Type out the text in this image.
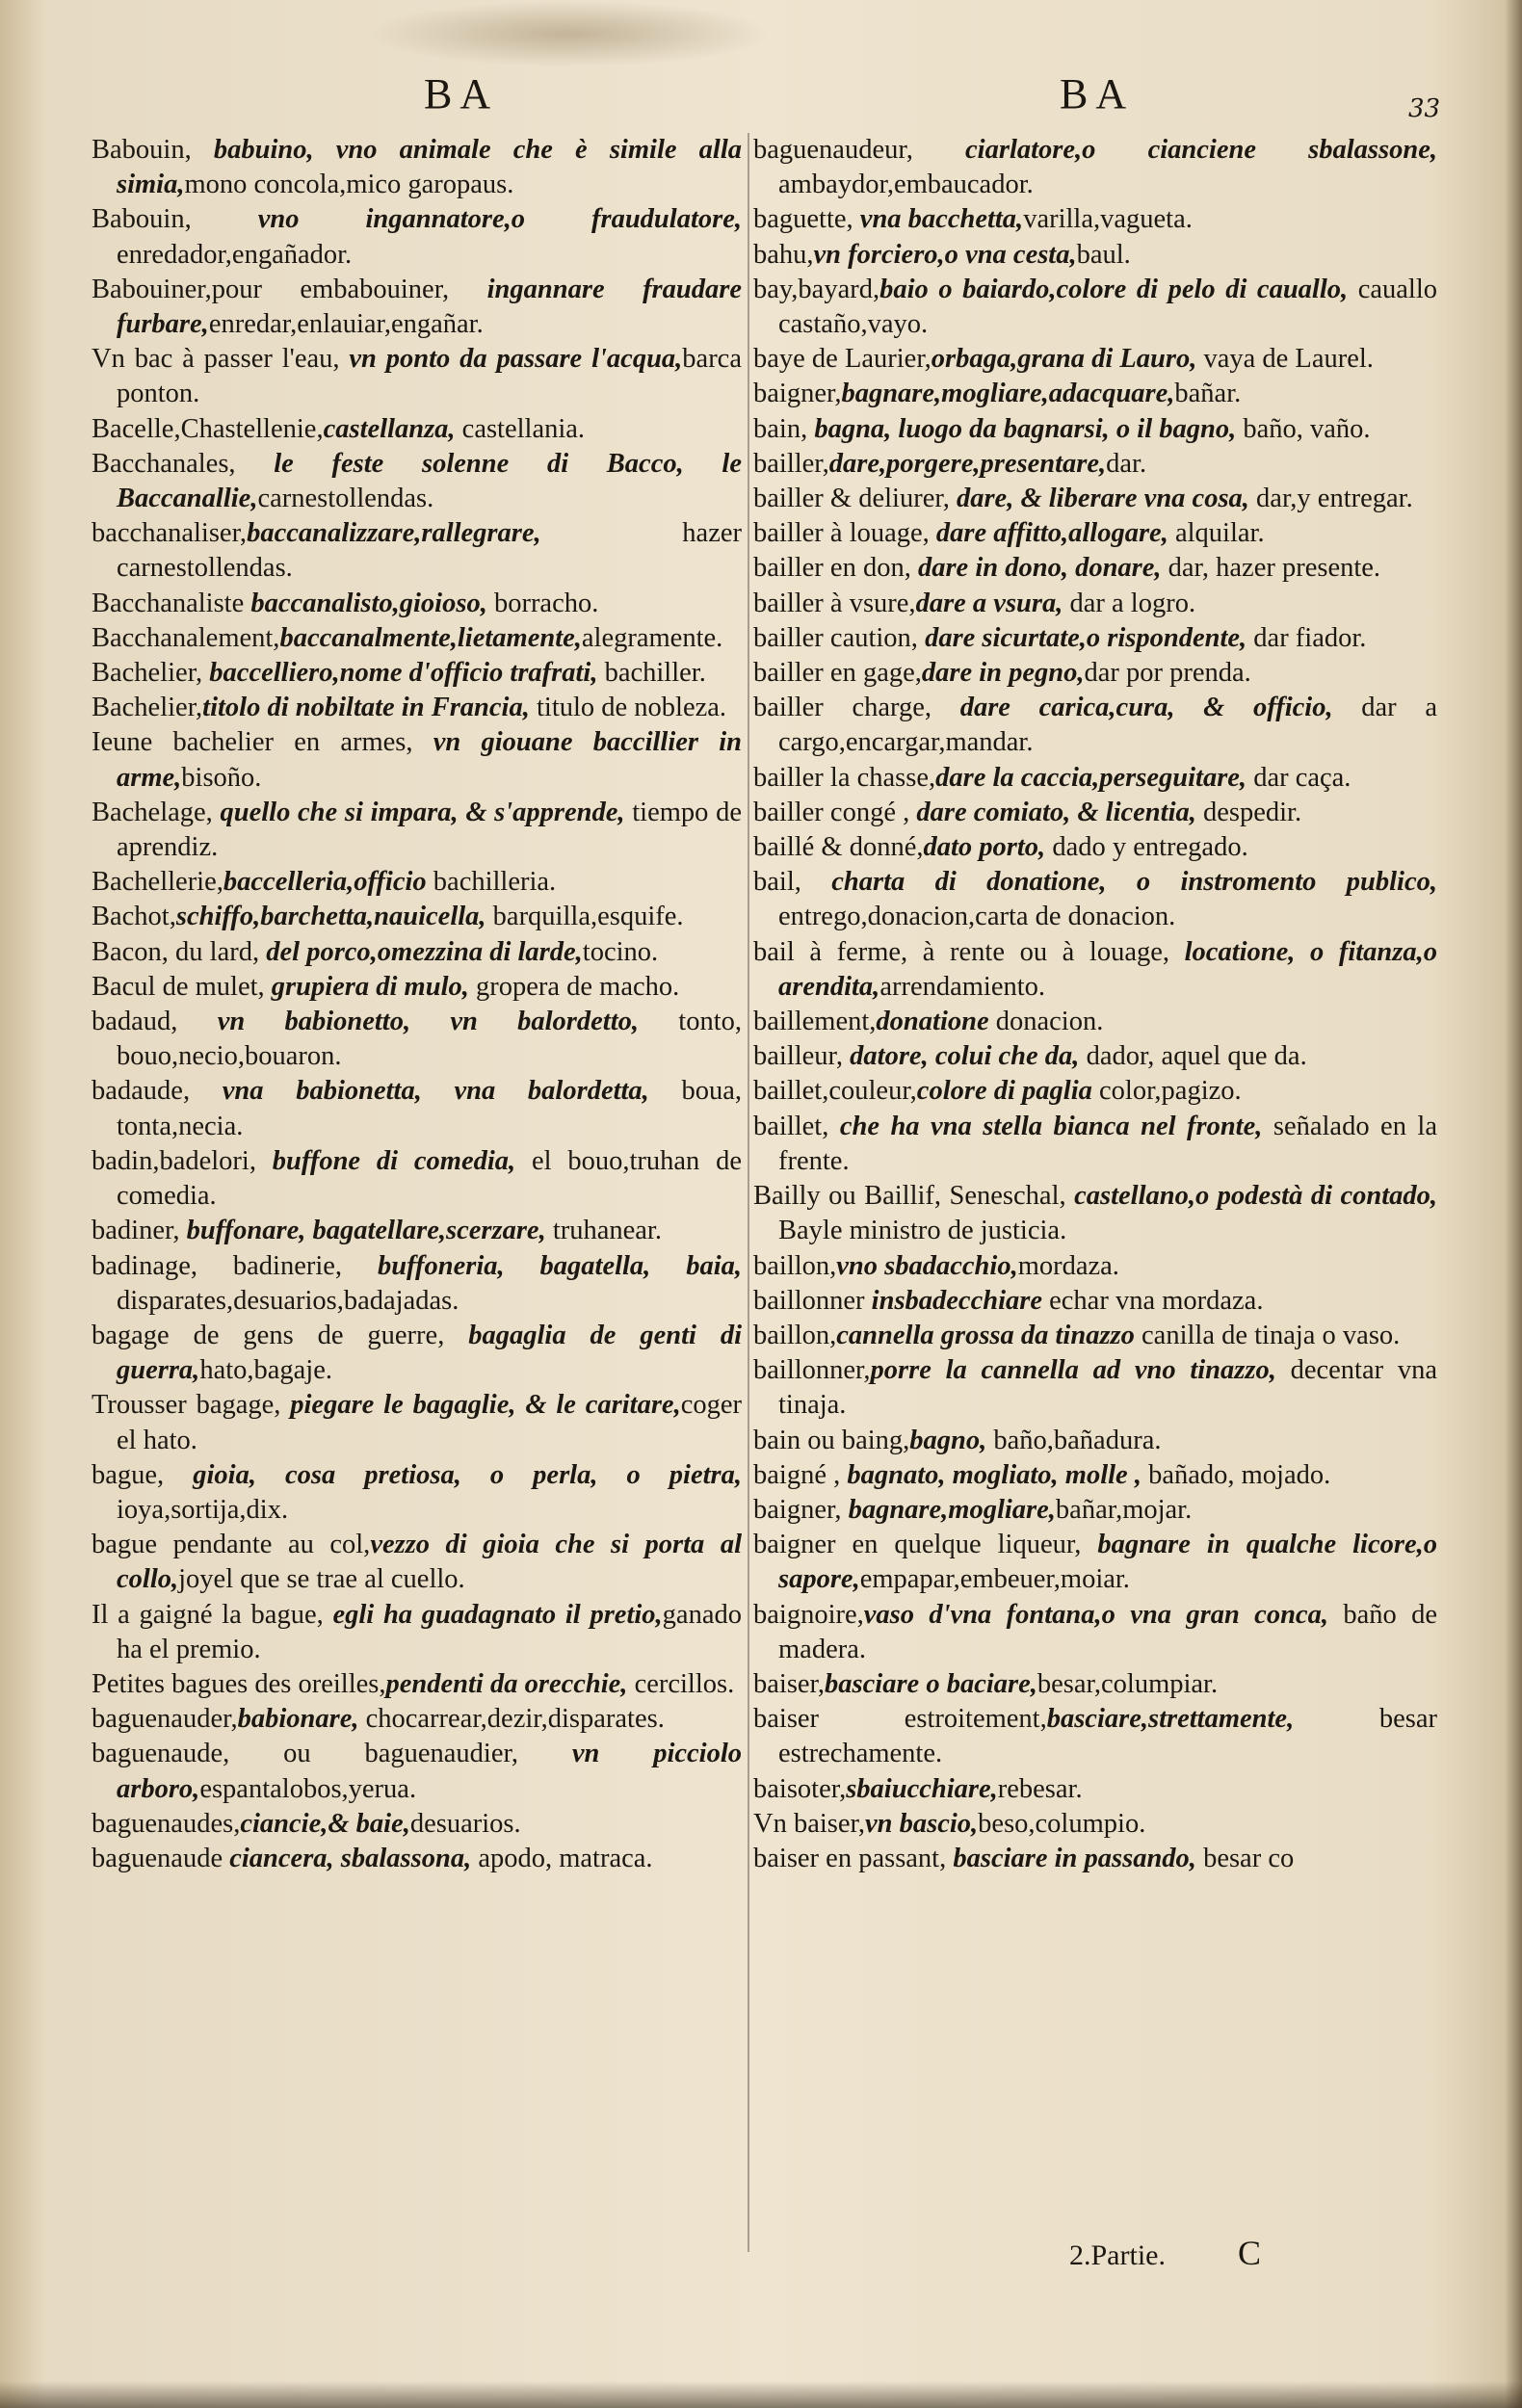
BA	BA	33
Babouin, babuino, vno animale che è simile alla simia,mono concola,mico garopaus.
Babouin, vno ingannatore,o fraudulatore, enredador,engañador.
Babouiner,pour embabouiner, ingannare fraudare furbare,enredar,enlauiar,engañar.
Vn bac à passer l'eau, vn ponto da passare l'acqua,barca ponton.
Bacelle,Chastellenie,castellanza, castellania.
Bacchanales, le feste solenne di Bacco, le Baccanallie,carnestollendas.
bacchanaliser,baccanalizzare,rallegrare, hazer carnestollendas.
Bacchanaliste baccanalisto,gioioso, borracho.
Bacchanalement,baccanalmente,lietamente,alegramente.
Bachelier, baccelliero,nome d'officio trafrati, bachiller.
Bachelier,titolo di nobiltate in Francia, titulo de nobleza.
Ieune bachelier en armes, vn giouane baccillier in arme,bisoño.
Bachelage, quello che si impara, & s'apprende, tiempo de aprendiz.
Bachellerie,baccelleria,officio bachilleria.
Bachot,schiffo,barchetta,nauicella, barquilla,esquife.
Bacon, du lard, del porco,omezzina di larde,tocino.
Bacul de mulet, grupiera di mulo, gropera de macho.
badaud, vn babionetto, vn balordetto, tonto, bouo,necio,bouaron.
badaude, vna babionetta, vna balordetta, boua, tonta,necia.
badin,badelori, buffone di comedia, el bouo,truhan de comedia.
badiner, buffonare, bagatellare,scerzare, truhanear.
badinage, badinerie, buffoneria, bagatella, baia, disparates,desuarios,badajadas.
bagage de gens de guerre, bagaglia de genti di guerra,hato,bagaje.
Trousser bagage, piegare le bagaglie, & le caritare,coger el hato.
bague, gioia, cosa pretiosa, o perla, o pietra, ioya,sortija,dix.
bague pendante au col,vezzo di gioia che si porta al collo,joyel que se trae al cuello.
Il a gaigné la bague, egli ha guadagnato il pretio,ganado ha el premio.
Petites bagues des oreilles,pendenti da orecchie, cercillos.
baguenauder,babionare, chocarrear,dezir,disparates.
baguenaude, ou baguenaudier, vn picciolo arboro,espantalobos,yerua.
baguenaudes,ciancie,& baie,desuarios.
baguenaude ciancera, sbalassona, apodo, matraca.
baguenaudeur, ciarlatore,o cianciene sbalassone, ambaydor,embaucador.
baguette, vna bacchetta,varilla,vagueta.
bahu,vn forciero,o vna cesta,baul.
bay,bayard,baio o baiardo,colore di pelo di cauallo, cauallo castaño,vayo.
baye de Laurier,orbaga,grana di Lauro, vaya de Laurel.
baigner,bagnare,mogliare,adacquare,bañar.
bain, bagna, luogo da bagnarsi, o il bagno, baño, vaño.
bailler,dare,porgere,presentare,dar.
bailler & deliurer, dare, & liberare vna cosa, dar,y entregar.
bailler à louage, dare affitto,allogare, alquilar.
bailler en don, dare in dono, donare, dar, hazer presente.
bailler à vsure,dare a vsura, dar a logro.
bailler caution, dare sicurtate,o rispondente, dar fiador.
bailler en gage,dare in pegno,dar por prenda.
bailler charge, dare carica,cura, & officio, dar a cargo,encargar,mandar.
bailler la chasse,dare la caccia,perseguitare, dar caça.
bailler congé , dare comiato, & licentia, despedir.
baillé & donné,dato porto, dado y entregado.
bail, charta di donatione, o instromento publico, entrego,donacion,carta de donacion.
bail à ferme, à rente ou à louage, locatione, o fitanza,o arendita,arrendamiento.
baillement,donatione donacion.
bailleur, datore, colui che da, dador, aquel que da.
baillet,couleur,colore di paglia color,pagizo.
baillet, che ha vna stella bianca nel fronte, señalado en la frente.
Bailly ou Baillif, Seneschal, castellano,o podestà di contado, Bayle ministro de justicia.
baillon,vno sbadacchio,mordaza.
baillonner insbadecchiare echar vna mordaza.
baillon,cannella grossa da tinazzo canilla de tinaja o vaso.
baillonner,porre la cannella ad vno tinazzo, decentar vna tinaja.
bain ou baing,bagno, baño,bañadura.
baigné , bagnato, mogliato, molle , bañado, mojado.
baigner, bagnare,mogliare,bañar,mojar.
baigner en quelque liqueur, bagnare in qualche licore,o sapore,empapar,embeuer,moiar.
baignoire,vaso d'vna fontana,o vna gran conca, baño de madera.
baiser,basciare o baciare,besar,columpiar.
baiser estroitement,basciare,strettamente, besar estrechamente.
baisoter,sbaiucchiare,rebesar.
Vn baiser,vn bascio,beso,columpio.
baiser en passant, basciare in passando, besar co
2.Partie. C
